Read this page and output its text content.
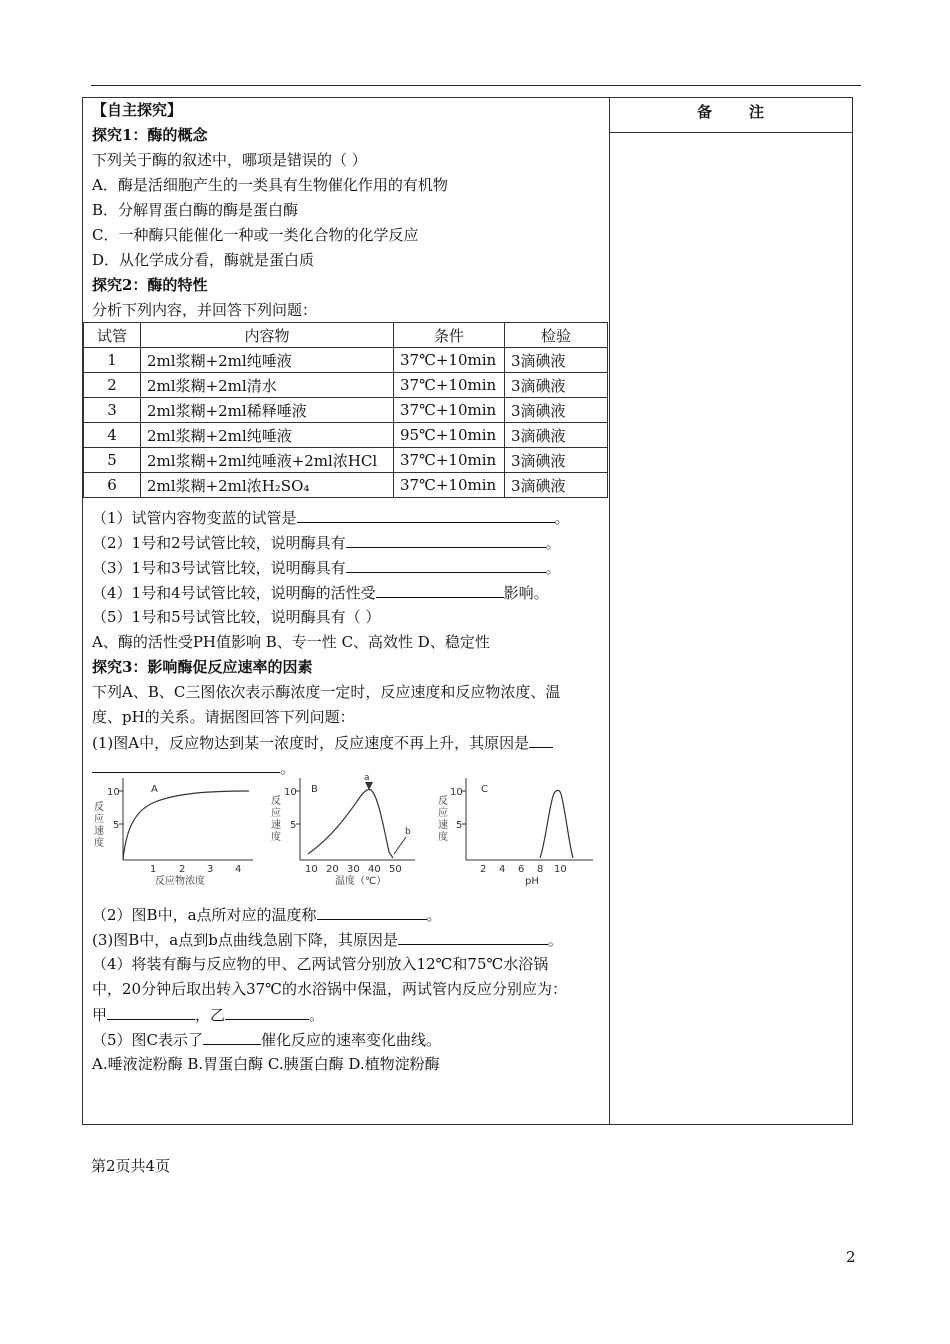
【自主探究】
探究1：酶的概念
下列关于酶的叙述中，哪项是错误的（ ）
A．酶是活细胞产生的一类具有生物催化作用的有机物
B．分解胃蛋白酶的酶是蛋白酶
C．一种酶只能催化一种或一类化合物的化学反应
D．从化学成分看，酶就是蛋白质
探究2：酶的特性
分析下列内容，并回答下列问题：
试管	内容物	条件	检验
1	2ml浆糊+2ml纯唾液	37℃+10min	3滴碘液
2	2ml浆糊+2ml清水	37℃+10min	3滴碘液
3	2ml浆糊+2ml稀释唾液	37℃+10min	3滴碘液
4	2ml浆糊+2ml纯唾液	95℃+10min	3滴碘液
5	2ml浆糊+2ml纯唾液+2ml浓HCl	37℃+10min	3滴碘液
6	2ml浆糊+2ml浓H₂SO₄	37℃+10min	3滴碘液
（1）试管内容物变蓝的试管是	。
（2）1号和2号试管比较，说明酶具有	。
（3）1号和3号试管比较，说明酶具有	。
（4）1号和4号试管比较，说明酶的活性受	影响。
（5）1号和5号试管比较，说明酶具有（ ）
A、酶的活性受PH值影响 B、专一性 C、高效性 D、稳定性
探究3：影响酶促反应速率的因素
下列A、B、C三图依次表示酶浓度一定时，反应速度和反应物浓度、温
度、pH的关系。请据图回答下列问题：
(1)图A中，反应物达到某一浓度时，反应速度不再上升，其原因是
。
10
5
A
1 2 3 4
反应物浓度
反应速度
10
5
B
a
b
10 20 30 40 50
温度（℃）
反应速度
10
5
C
2 4 6 8 10
pH
反应速度
（2）图B中，a点所对应的温度称	。
(3)图B中，a点到b点曲线急剧下降，其原因是	。
（4）将装有酶与反应物的甲、乙两试管分别放入12℃和75℃水浴锅
中，20分钟后取出转入37℃的水浴锅中保温，两试管内反应分别应为：
甲	，乙	。
（5）图C表示了	催化反应的速率变化曲线。
A.唾液淀粉酶 B.胃蛋白酶 C.胰蛋白酶 D.植物淀粉酶
备 注
第2页共4页
2
